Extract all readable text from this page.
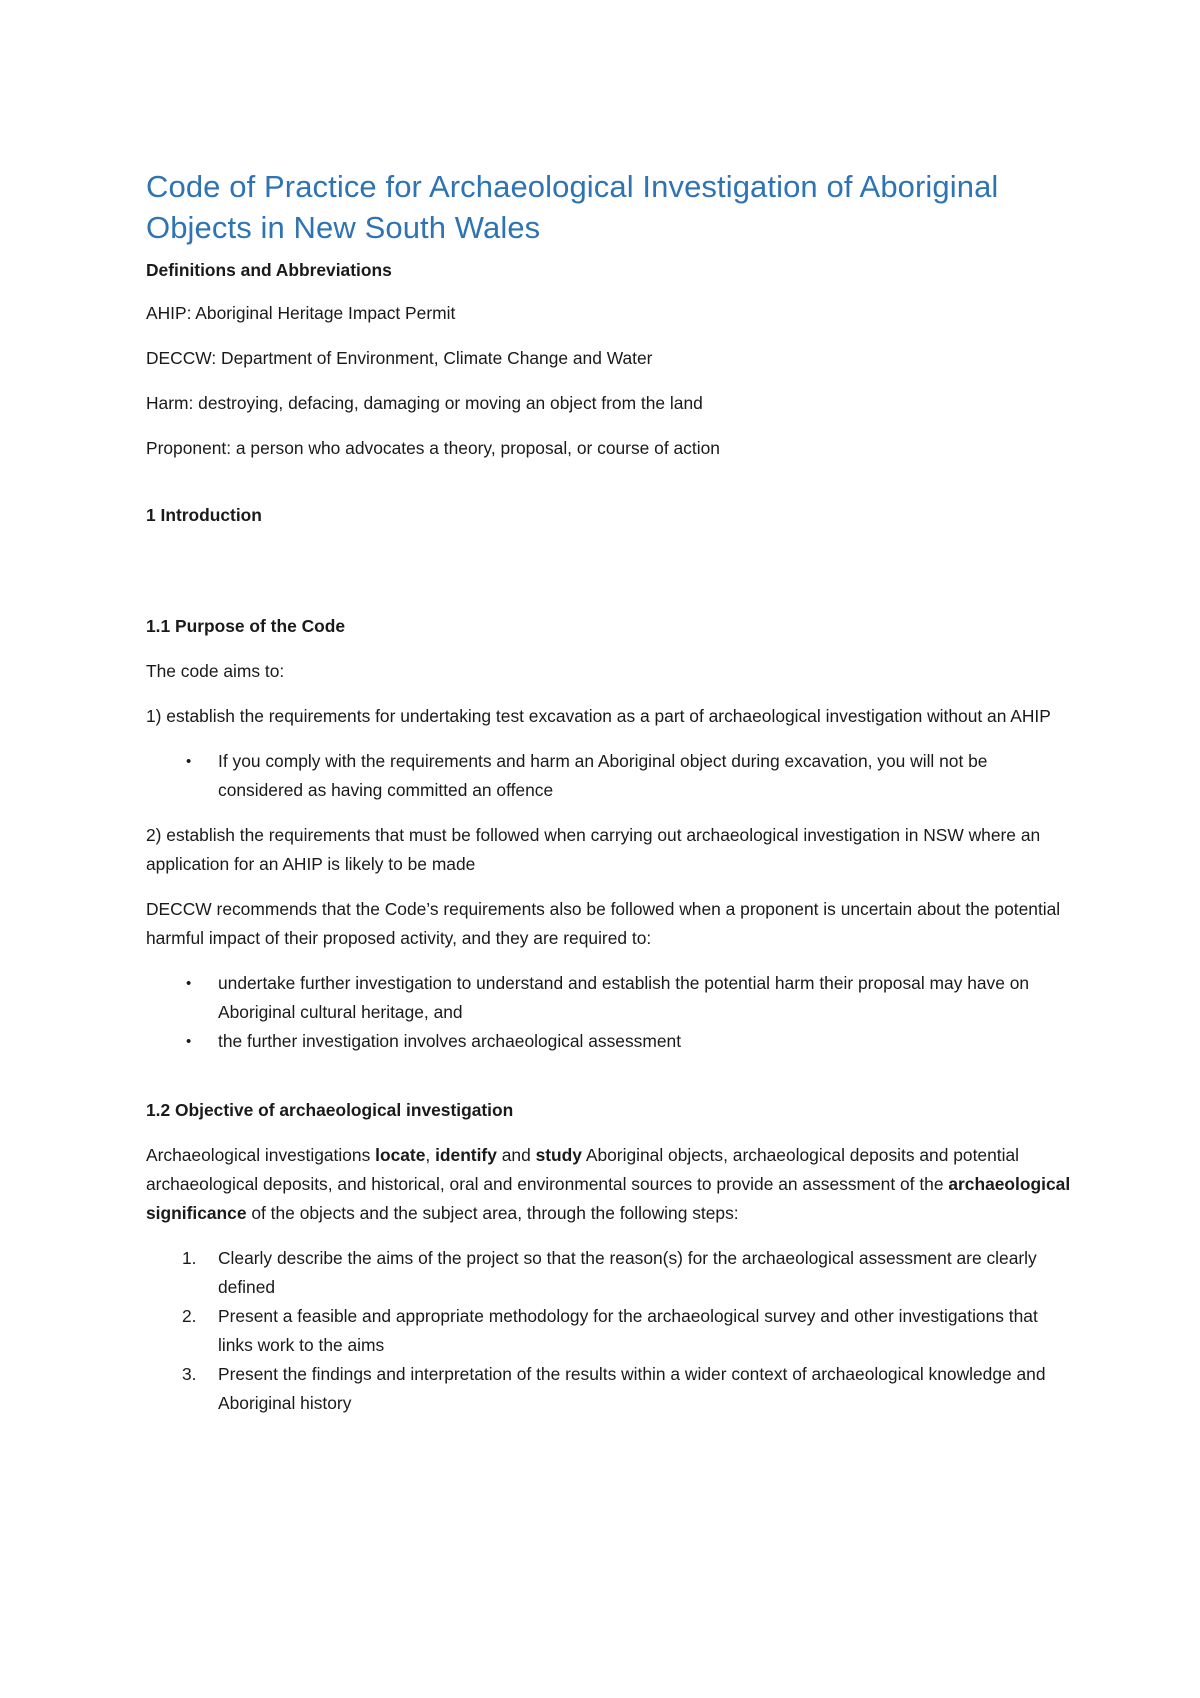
Code of Practice for Archaeological Investigation of Aboriginal Objects in New South Wales
Definitions and Abbreviations
AHIP: Aboriginal Heritage Impact Permit
DECCW: Department of Environment, Climate Change and Water
Harm: destroying, defacing, damaging or moving an object from the land
Proponent: a person who advocates a theory, proposal, or course of action
1 Introduction
1.1 Purpose of the Code
The code aims to:
1) establish the requirements for undertaking test excavation as a part of archaeological investigation without an AHIP
• If you comply with the requirements and harm an Aboriginal object during excavation, you will not be considered as having committed an offence
2) establish the requirements that must be followed when carrying out archaeological investigation in NSW where an application for an AHIP is likely to be made
DECCW recommends that the Code’s requirements also be followed when a proponent is uncertain about the potential harmful impact of their proposed activity, and they are required to:
• undertake further investigation to understand and establish the potential harm their proposal may have on Aboriginal cultural heritage, and
• the further investigation involves archaeological assessment
1.2 Objective of archaeological investigation
Archaeological investigations locate, identify and study Aboriginal objects, archaeological deposits and potential archaeological deposits, and historical, oral and environmental sources to provide an assessment of the archaeological significance of the objects and the subject area, through the following steps:
1. Clearly describe the aims of the project so that the reason(s) for the archaeological assessment are clearly defined
2. Present a feasible and appropriate methodology for the archaeological survey and other investigations that links work to the aims
3. Present the findings and interpretation of the results within a wider context of archaeological knowledge and Aboriginal history
